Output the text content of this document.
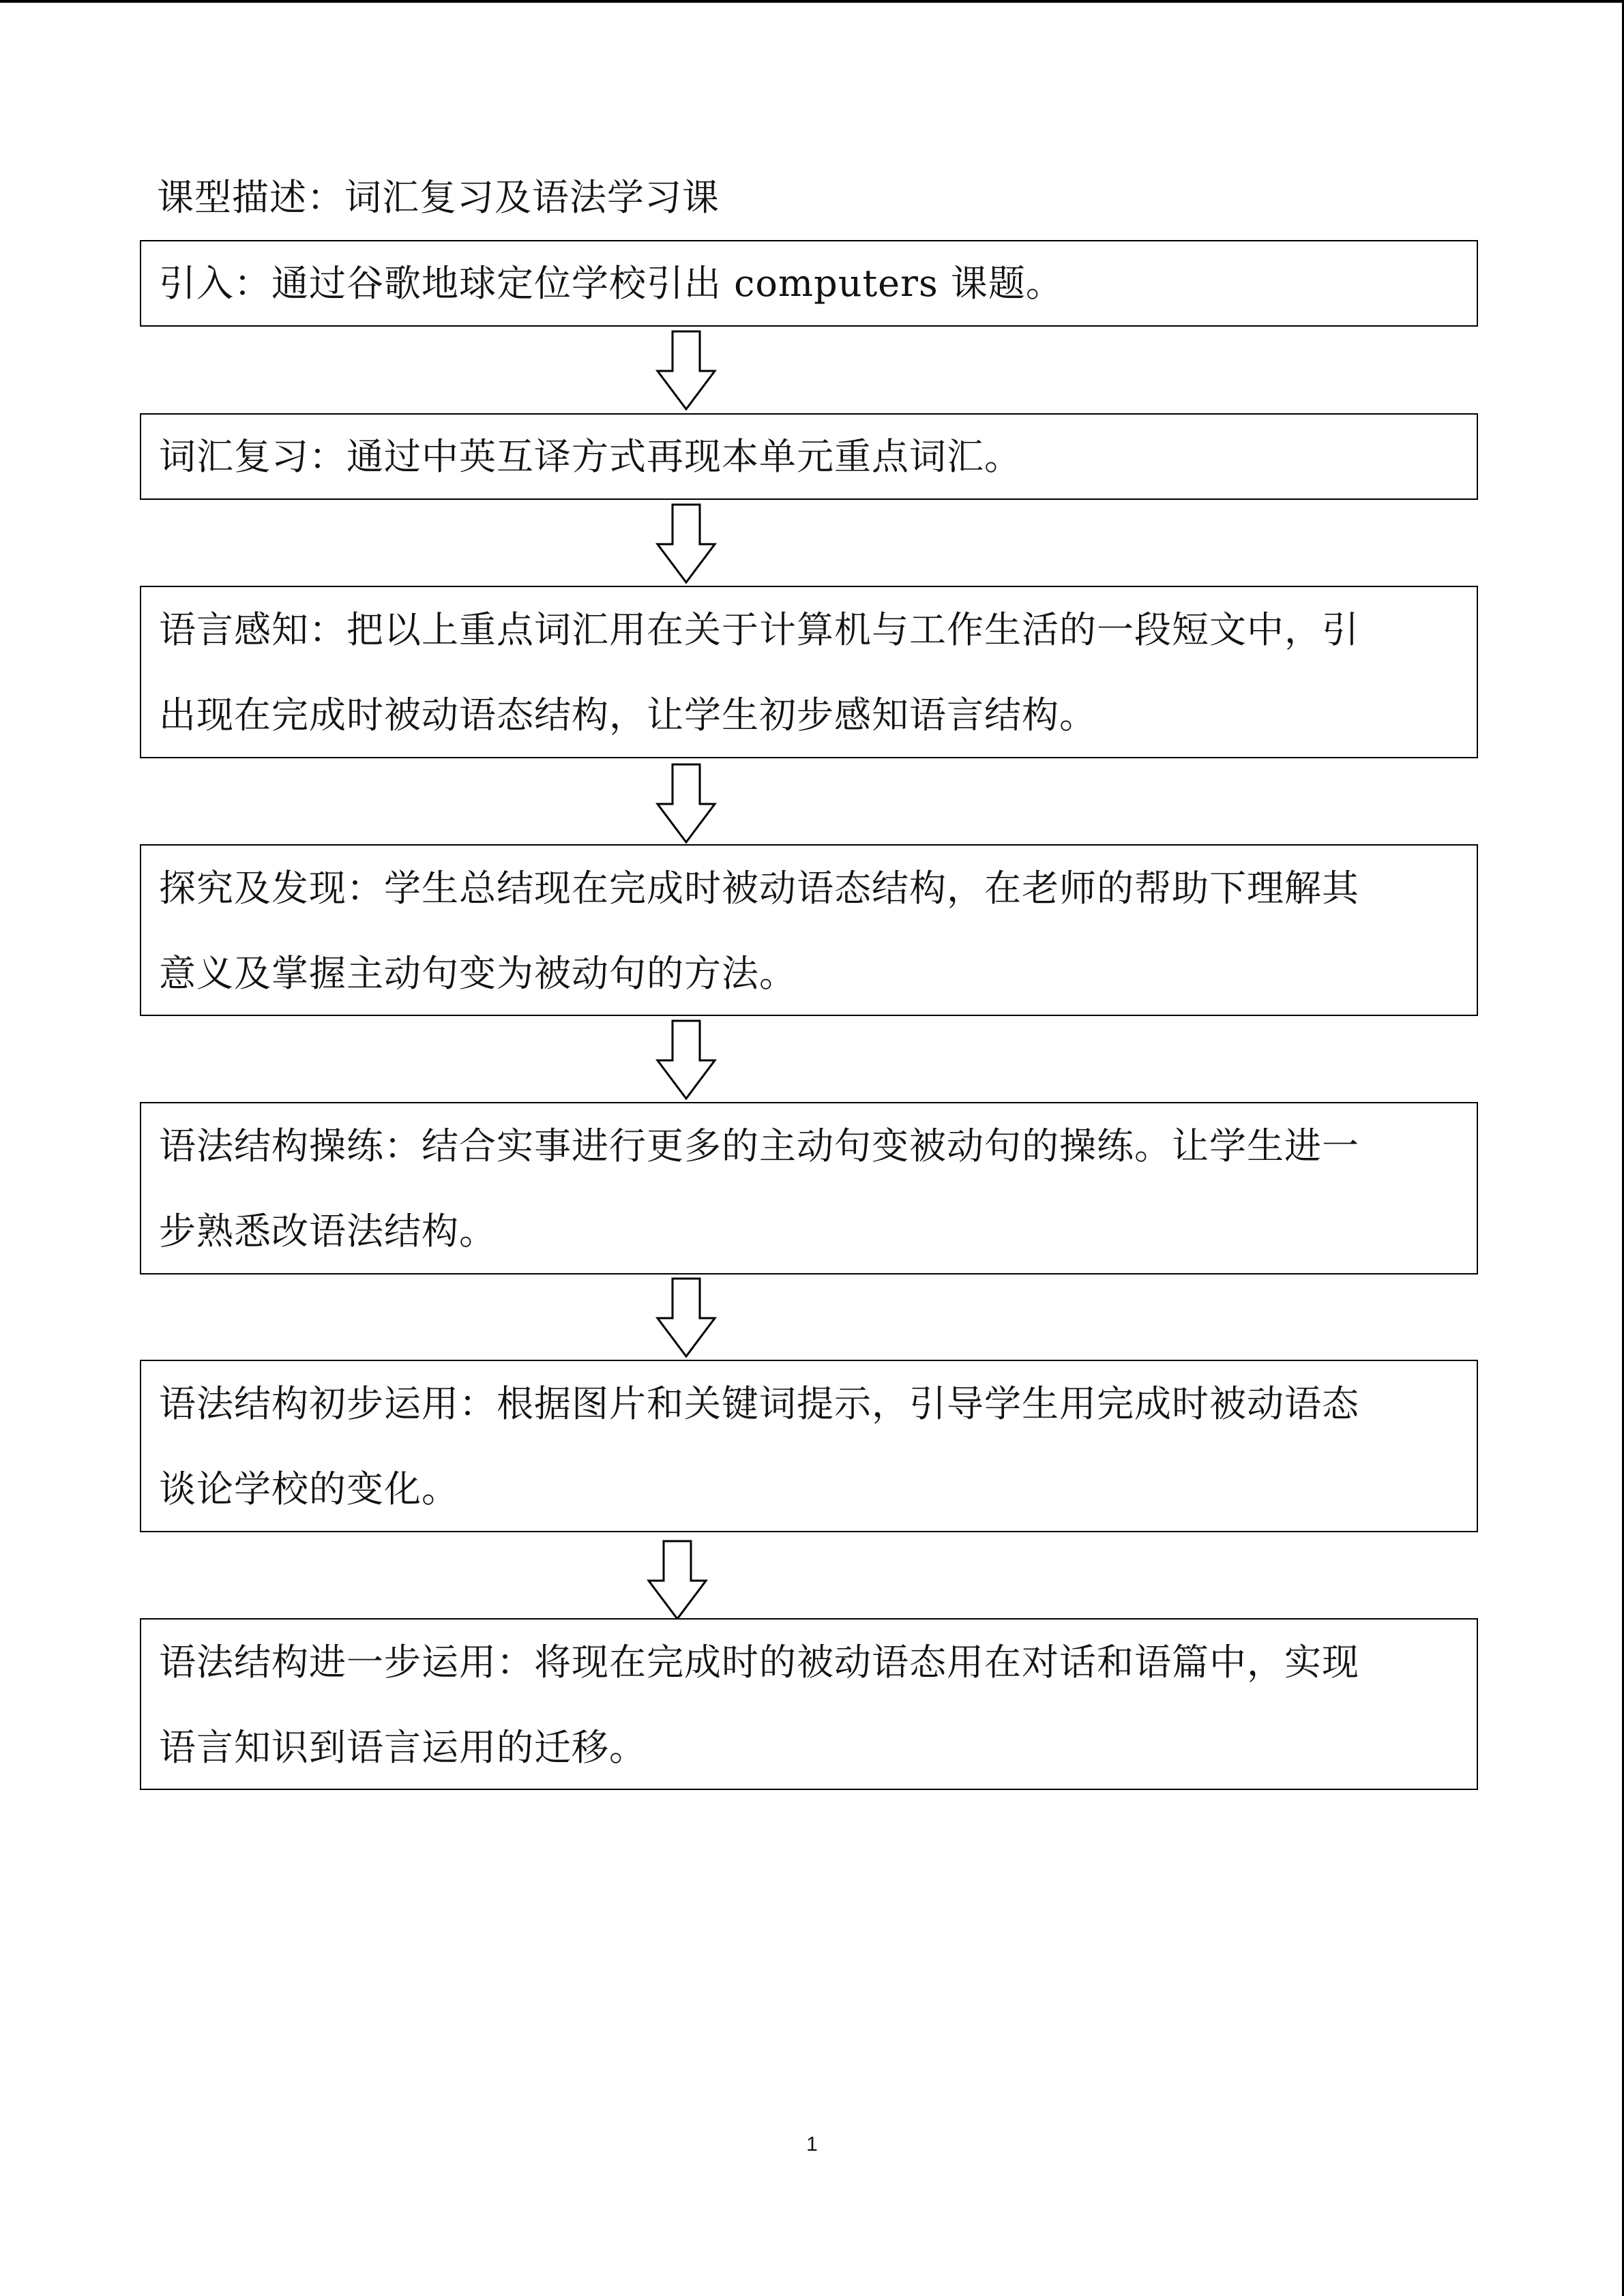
课型描述：词汇复习及语法学习课
引入：通过谷歌地球定位学校引出 computers 课题。
词汇复习：通过中英互译方式再现本单元重点词汇。
语言感知：把以上重点词汇用在关于计算机与工作生活的一段短文中，引
出现在完成时被动语态结构，让学生初步感知语言结构。
探究及发现：学生总结现在完成时被动语态结构，在老师的帮助下理解其
意义及掌握主动句变为被动句的方法。
语法结构操练：结合实事进行更多的主动句变被动句的操练。让学生进一
步熟悉改语法结构。
语法结构初步运用：根据图片和关键词提示，引导学生用完成时被动语态
谈论学校的变化。
语法结构进一步运用：将现在完成时的被动语态用在对话和语篇中，实现
语言知识到语言运用的迁移。
1
